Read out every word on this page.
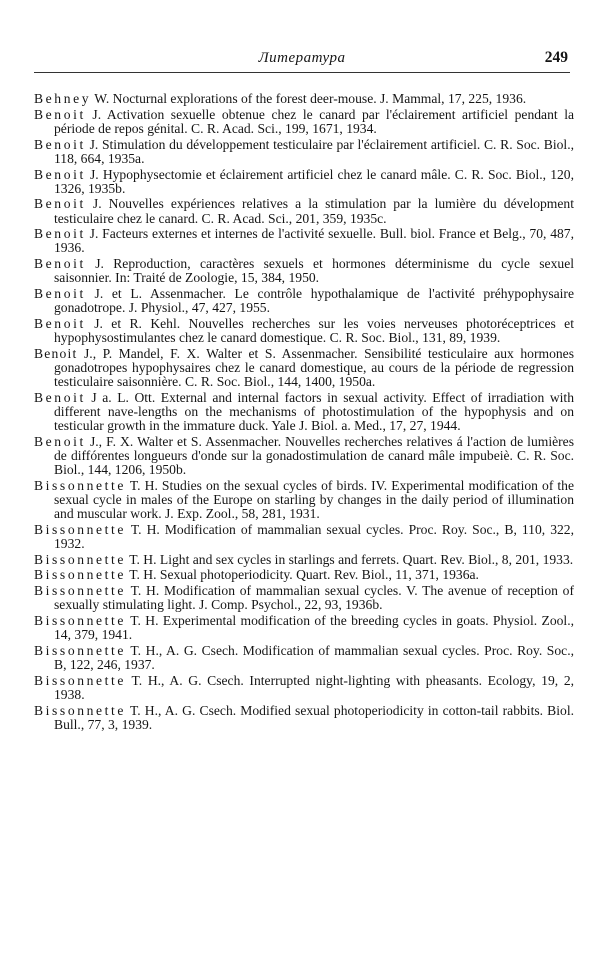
Литература	249

Behney W. Nocturnal explorations of the forest deer-mouse. J. Mammal, 17, 225, 1936.

Benoit J. Activation sexuelle obtenue chez le canard par l'éclairement artificiel pendant la période de repos génital. C. R. Acad. Sci., 199, 1671, 1934.

Benoit J. Stimulation du développement testiculaire par l'éclairement artificiel. C. R. Soc. Biol., 118, 664, 1935a.

Benoit J. Hypophysectomie et éclairement artificiel chez le canard mâle. C. R. Soc. Biol., 120, 1326, 1935b.

Benoit J. Nouvelles expériences relatives a la stimulation par la lumière du dévelopment testiculaire chez le canard. C. R. Acad. Sci., 201, 359, 1935c.

Benoit J. Facteurs externes et internes de l'activité sexuelle. Bull. biol. France et Belg., 70, 487, 1936.

Benoit J. Reproduction, caractères sexuels et hormones déterminisme du cycle sexuel saisonnier. In: Traité de Zoologie, 15, 384, 1950.

Benoit J. et L. Assenmacher. Le contrôle hypothalamique de l'activité préhypophysaire gonadotrope. J. Physiol., 47, 427, 1955.

Benoit J. et R. Kehl. Nouvelles recherches sur les voies nerveuses photoréceptrices et hypophysostimulantes chez le canard domestique. C. R. Soc. Biol., 131, 89, 1939.

Benoit J., P. Mandel, F. X. Walter et S. Assenmacher. Sensibilité testiculaire aux hormones gonadotropes hypophysaires chez le canard domestique, au cours de la période de regression testiculaire saisonnière. C. R. Soc. Biol., 144, 1400, 1950a.

Benoit J a. L. Ott. External and internal factors in sexual activity. Effect of irradiation with different nave-lengths on the mechanisms of photostimulation of the hypophysis and on testicular growth in the immature duck. Yale J. Biol. a. Med., 17, 27, 1944.

Benoit J., F. X. Walter et S. Assenmacher. Nouvelles recherches relatives á l'action de lumières de diffórentes longueurs d'onde sur la gonadostimulation de canard mâle impubeiè. C. R. Soc. Biol., 144, 1206, 1950b.

Bissonnette T. H. Studies on the sexual cycles of birds. IV. Experimental modification of the sexual cycle in males of the Europe on starling by changes in the daily period of illumination and muscular work. J. Exp. Zool., 58, 281, 1931.

Bissonnette T. H. Modification of mammalian sexual cycles. Proc. Roy. Soc., B, 110, 322, 1932.

Bissonnette T. H. Light and sex cycles in starlings and ferrets. Quart. Rev. Biol., 8, 201, 1933.

Bissonnette T. H. Sexual photoperiodicity. Quart. Rev. Biol., 11, 371, 1936a.

Bissonnette T. H. Modification of mammalian sexual cycles. V. The avenue of reception of sexually stimulating light. J. Comp. Psychol., 22, 93, 1936b.

Bissonnette T. H. Experimental modification of the breeding cycles in goats. Physiol. Zool., 14, 379, 1941.

Bissonnette T. H., A. G. Csech. Modification of mammalian sexual cycles. Proc. Roy. Soc., B, 122, 246, 1937.

Bissonnette T. H., A. G. Csech. Interrupted night-lighting with pheasants. Ecology, 19, 2, 1938.

Bissonnette T. H., A. G. Csech. Modified sexual photoperiodicity in cotton-tail rabbits. Biol. Bull., 77, 3, 1939.
